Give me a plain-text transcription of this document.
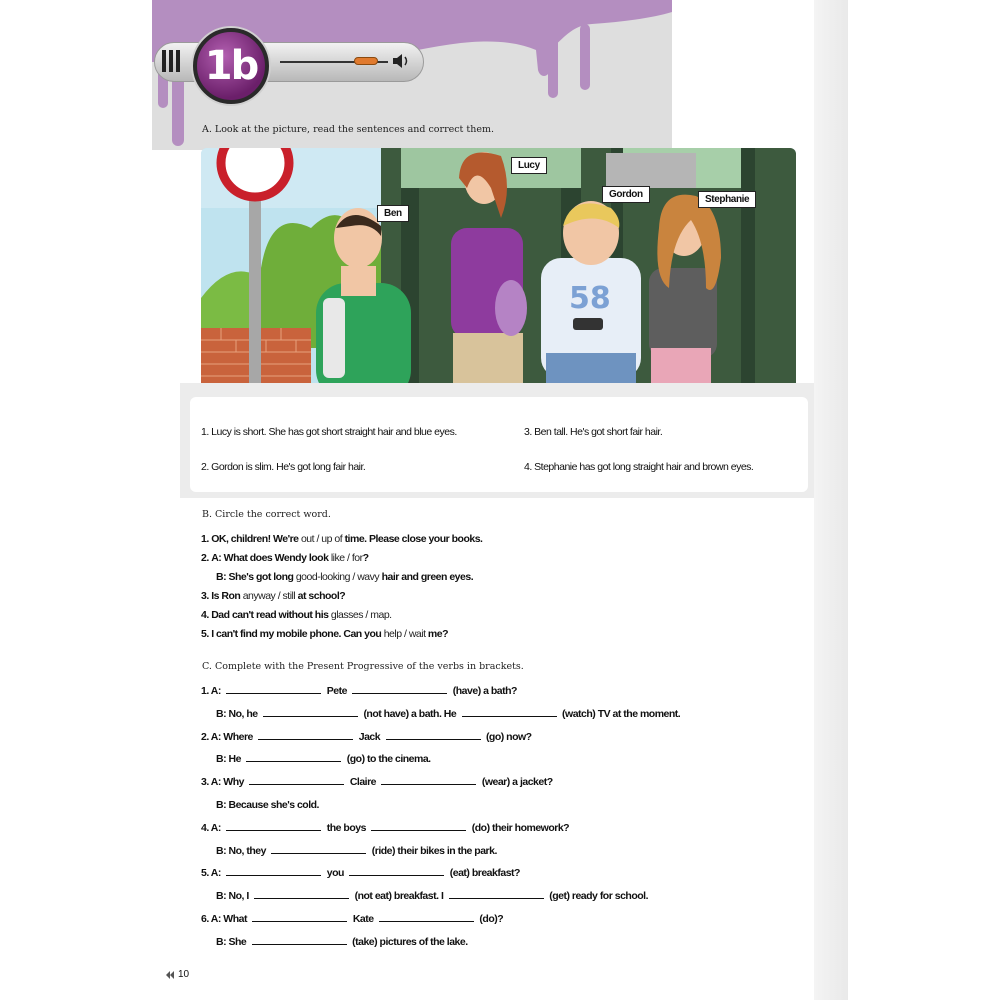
1b
A. Look at the picture, read the sentences and correct them.
58
Ben
Lucy
Gordon	Stephanie
1. Lucy is short. She has got short straight hair and blue eyes.
2. Gordon is slim. He's got long fair hair.
3. Ben tall. He's got short fair hair.
4. Stephanie has got long straight hair and brown eyes.
B. Circle the correct word.
1. OK, children! We're out / up of time. Please close your books.
2. A: What does Wendy look like / for?
B: She's got long good-looking / wavy hair and green eyes.
3. Is Ron anyway / still at school?
4. Dad can't read without his glasses / map.
5. I can't find my mobile phone. Can you help / wait me?
C. Complete with the Present Progressive of the verbs in brackets.
1. A:	Pete	(have) a bath?
B: No, he	(not have) a bath. He	(watch) TV at the moment.
2. A: Where	Jack	(go) now?
B: He	(go) to the cinema.
3. A: Why	Claire	(wear) a jacket?
B: Because she's cold.
4. A:	the boys	(do) their homework?
B: No, they	(ride) their bikes in the park.
5. A:	you	(eat) breakfast?
B: No, I	(not eat) breakfast. I	(get) ready for school.
6. A: What	Kate	(do)?
B: She	(take) pictures of the lake.
10
